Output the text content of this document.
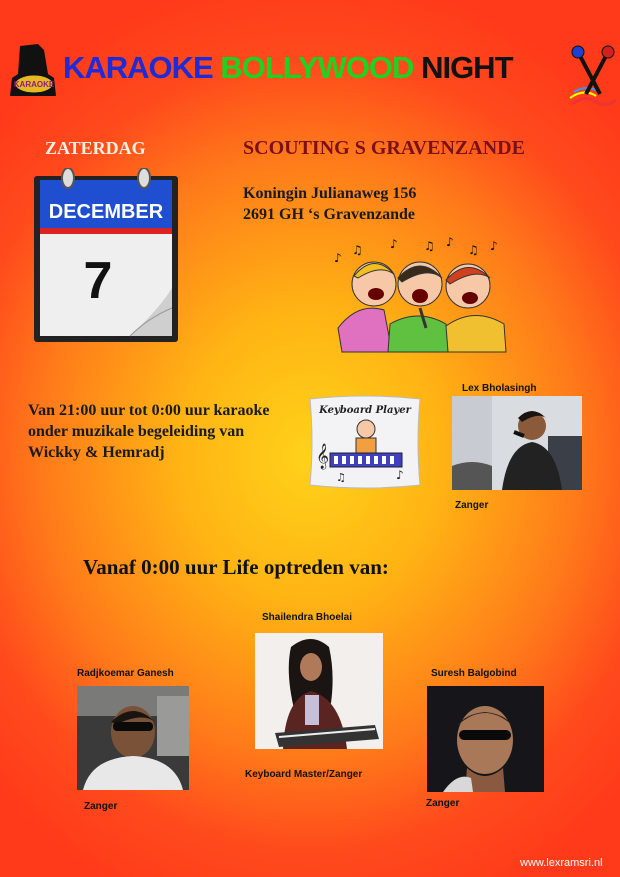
KARAOKE KARAOKE BOLLYWOOD NIGHT
ZATERDAG
DECEMBER
7
SCOUTING S GRAVENZANDE
Koningin Julianaweg 156
2691 GH ‘s Gravenzande
♪
♫ ♪ ♫ ♪
♫ ♪
Van 21:00 uur tot 0:00 uur karaoke
onder muzikale begeleiding van
Wickky & Hemradj
Keyboard Player
𝄞
♪
♫
Lex Bholasingh
Zanger
Vanaf 0:00 uur Life optreden van:
Shailendra Bhoelai
Keyboard Master/Zanger
Radjkoemar Ganesh
Zanger
Suresh Balgobind
Zanger
www.lexramsri.nl
